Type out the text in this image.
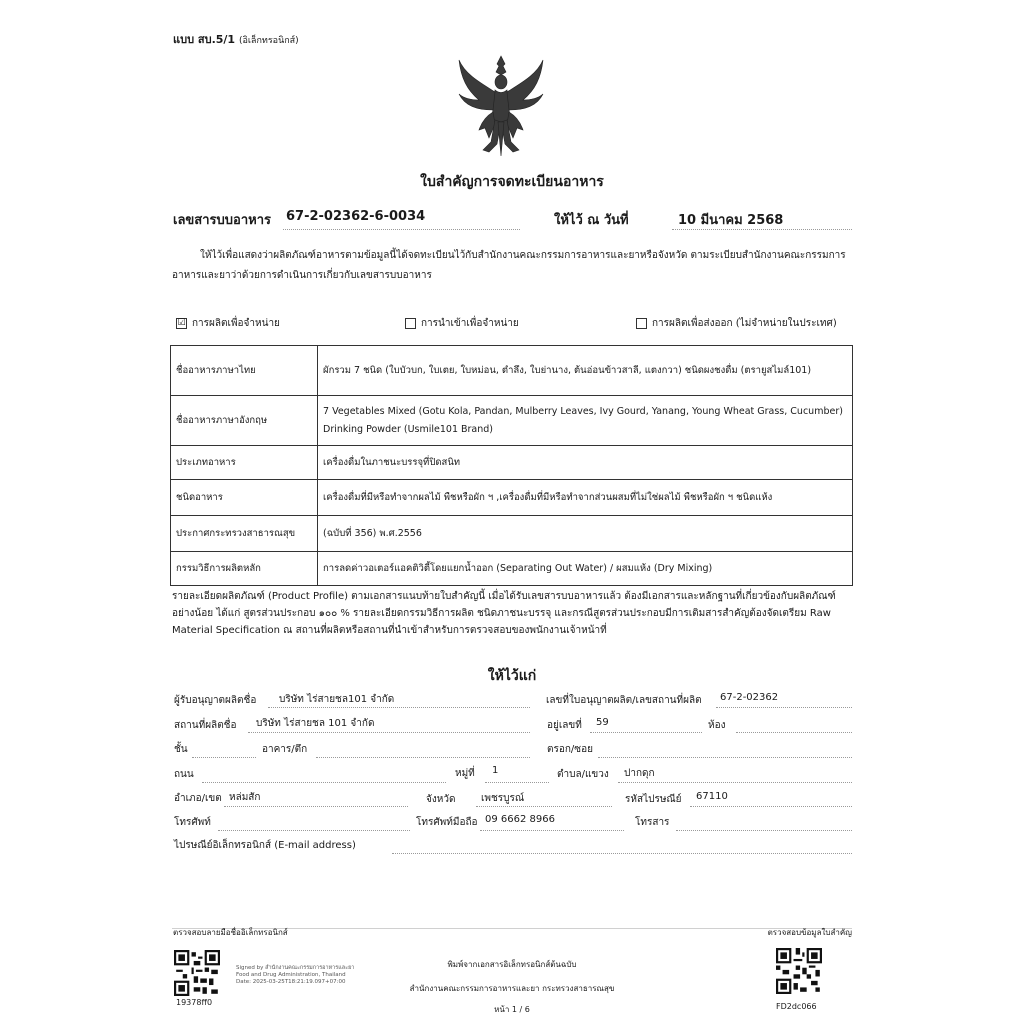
แบบ สบ.5/1 (อิเล็กทรอนิกส์)
ใบสำคัญการจดทะเบียนอาหาร
เลขสารบบอาหาร 67-2-02362-6-0034	ให้ไว้ ณ วันที่	10 มีนาคม 2568
ให้ไว้เพื่อแสดงว่าผลิตภัณฑ์อาหารตามข้อมูลนี้ได้จดทะเบียนไว้กับสำนักงานคณะกรรมการอาหารและยาหรือจังหวัด ตามระเบียบสำนักงานคณะกรรมการอาหารและยาว่าด้วยการดำเนินการเกี่ยวกับเลขสารบบอาหาร
☑ การผลิตเพื่อจำหน่าย	การนำเข้าเพื่อจำหน่าย	การผลิตเพื่อส่งออก (ไม่จำหน่ายในประเทศ)
ชื่ออาหารภาษาไทย	ผักรวม 7 ชนิด (ใบบัวบก, ใบเตย, ใบหม่อน, ตำลึง, ใบย่านาง, ต้นอ่อนข้าวสาลี, แตงกวา) ชนิดผงชงดื่ม (ตรายูสไมล์101)
ชื่ออาหารภาษาอังกฤษ	7 Vegetables Mixed (Gotu Kola, Pandan, Mulberry Leaves, Ivy Gourd, Yanang, Young Wheat Grass, Cucumber) Drinking Powder (Usmile101 Brand)
ประเภทอาหาร	เครื่องดื่มในภาชนะบรรจุที่ปิดสนิท
ชนิดอาหาร	เครื่องดื่มที่มีหรือทำจากผลไม้ พืชหรือผัก ฯ ,เครื่องดื่มที่มีหรือทำจากส่วนผสมที่ไม่ใช่ผลไม้ พืชหรือผัก ฯ ชนิดแห้ง
ประกาศกระทรวงสาธารณสุข	(ฉบับที่ 356) พ.ศ.2556
กรรมวิธีการผลิตหลัก	การลดค่าวอเตอร์แอคติวิตี้โดยแยกน้ำออก (Separating Out Water) / ผสมแห้ง (Dry Mixing)
รายละเอียดผลิตภัณฑ์ (Product Profile) ตามเอกสารแนบท้ายใบสำคัญนี้ เมื่อได้รับเลขสารบบอาหารแล้ว ต้องมีเอกสารและหลักฐานที่เกี่ยวข้องกับผลิตภัณฑ์ อย่างน้อย ได้แก่ สูตรส่วนประกอบ ๑๐๐ % รายละเอียดกรรมวิธีการผลิต ชนิดภาชนะบรรจุ และกรณีสูตรส่วนประกอบมีการเติมสารสำคัญต้องจัดเตรียม Raw Material Specification ณ สถานที่ผลิตหรือสถานที่นำเข้าสำหรับการตรวจสอบของพนักงานเจ้าหน้าที่
ให้ไว้แก่
ผู้รับอนุญาตผลิตชื่อ บริษัท ไร่สายชล101 จำกัด	เลขที่ใบอนุญาตผลิต/เลขสถานที่ผลิต 67-2-02362
สถานที่ผลิตชื่อ บริษัท ไร่สายชล 101 จำกัด	อยู่เลขที่ 59	ห้อง
ชั้น	อาคาร/ตึก	ตรอก/ซอย
ถนน	หมู่ที่ 1	ตำบล/แขวง ปากดุก
อำเภอ/เขต หล่มสัก	จังหวัด	เพชรบูรณ์	รหัสไปรษณีย์ 67110
โทรศัพท์	โทรศัพท์มือถือ 09 6662 8966	โทรสาร
ไปรษณีย์อิเล็กทรอนิกส์ (E-mail address)
ตรวจสอบลายมือชื่ออิเล็กทรอนิกส์	ตรวจสอบข้อมูลใบสำคัญ
19378ff0
Signed by สำนักงานคณะกรรมการอาหารและยา
Food and Drug Administration, Thailand
Date: 2025-03-25T18:21:19.097+07:00
พิมพ์จากเอกสารอิเล็กทรอนิกส์ต้นฉบับ
สำนักงานคณะกรรมการอาหารและยา กระทรวงสาธารณสุข
หน้า 1 / 6	FD2dc066
